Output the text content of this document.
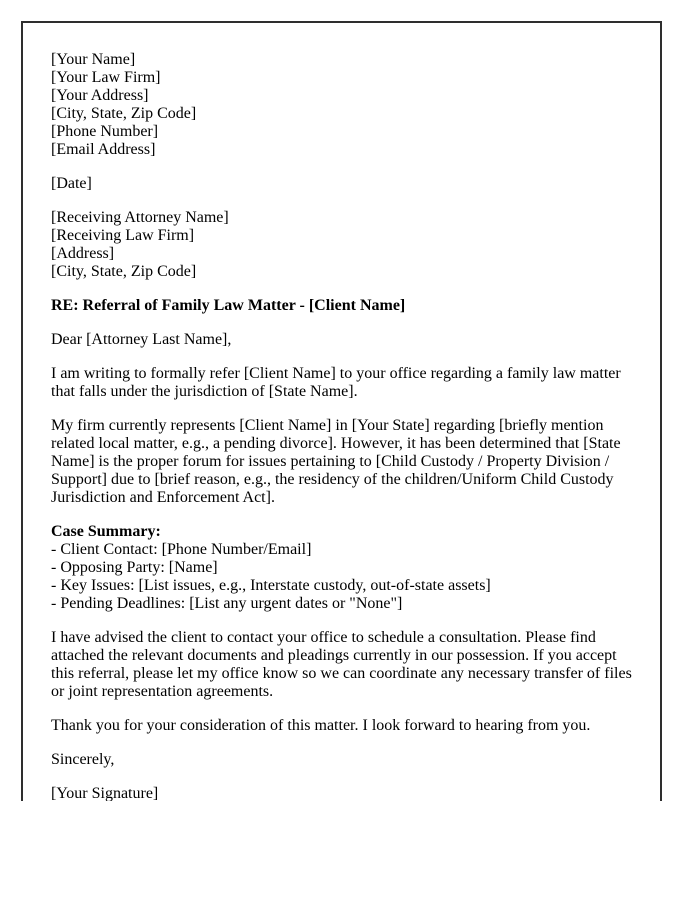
[Your Name]
[Your Law Firm]
[Your Address]
[City, State, Zip Code]
[Phone Number]
[Email Address]
[Date]
[Receiving Attorney Name]
[Receiving Law Firm]
[Address]
[City, State, Zip Code]
RE: Referral of Family Law Matter - [Client Name]
Dear [Attorney Last Name],
I am writing to formally refer [Client Name] to your office regarding a family law matter that falls under the jurisdiction of [State Name].
My firm currently represents [Client Name] in [Your State] regarding [briefly mention related local matter, e.g., a pending divorce]. However, it has been determined that [State Name] is the proper forum for issues pertaining to [Child Custody / Property Division / Support] due to [brief reason, e.g., the residency of the children/Uniform Child Custody Jurisdiction and Enforcement Act].
Case Summary:
- Client Contact: [Phone Number/Email]
- Opposing Party: [Name]
- Key Issues: [List issues, e.g., Interstate custody, out-of-state assets]
- Pending Deadlines: [List any urgent dates or "None"]
I have advised the client to contact your office to schedule a consultation. Please find attached the relevant documents and pleadings currently in our possession. If you accept this referral, please let my office know so we can coordinate any necessary transfer of files or joint representation agreements.
Thank you for your consideration of this matter. I look forward to hearing from you.
Sincerely,
[Your Signature]
